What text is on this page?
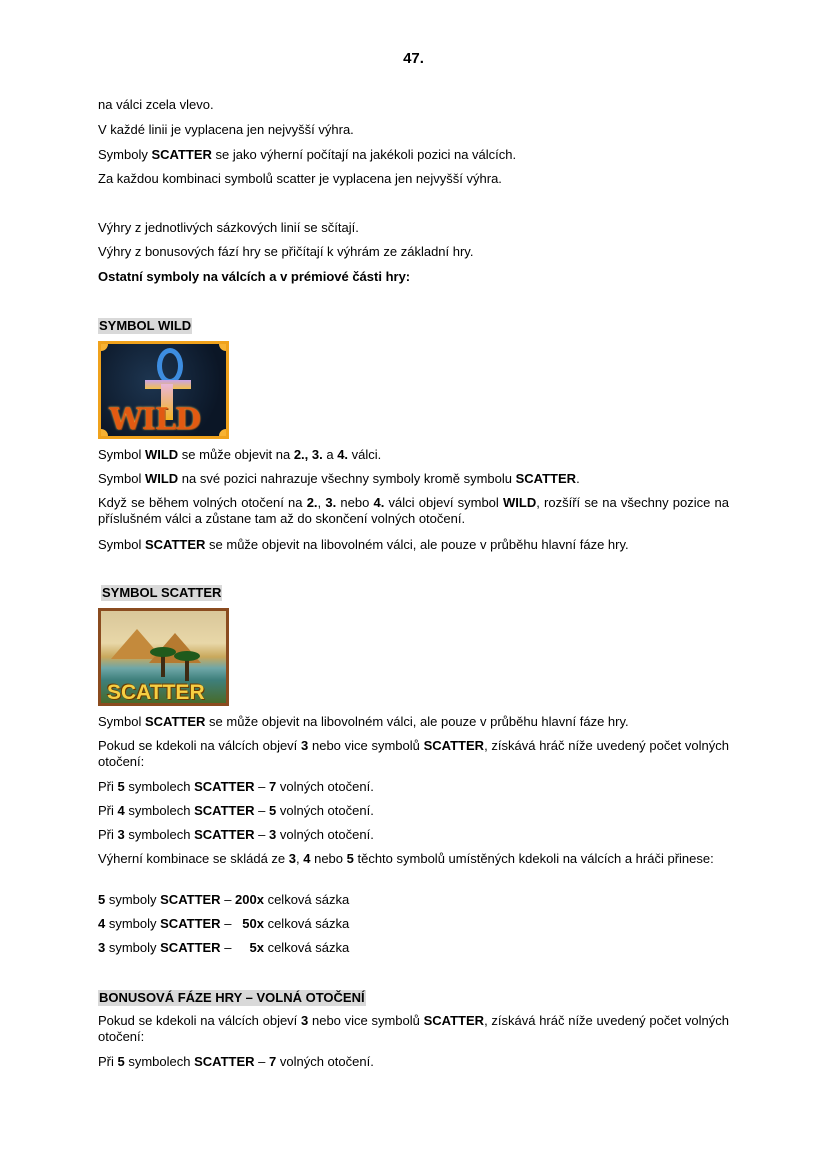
47.
SYMBOL WILD
WILD
SYMBOL SCATTER
SCATTER
BONUSOVÁ FÁZE HRY – VOLNÁ OTOČENÍ
na válci zcela vlevo.
V každé linii je vyplacena jen nejvyšší výhra.
Symboly SCATTER se jako výherní počítají na jakékoli pozici na válcích.
Za každou kombinaci symbolů scatter je vyplacena jen nejvyšší výhra.
Výhry z jednotlivých sázkových linií se sčítají.
Výhry z bonusových fází hry se přičítají k výhrám ze základní hry.
Ostatní symboly na válcích a v prémiové části hry:
Symbol WILD se může objevit na 2., 3. a 4. válci.
Symbol WILD na své pozici nahrazuje všechny symboly kromě symbolu SCATTER.
Když se během volných otočení na 2., 3. nebo 4. válci objeví symbol WILD, rozšíří se na všechny pozice na příslušném válci a zůstane tam až do skončení volných otočení.
Symbol SCATTER se může objevit na libovolném válci, ale pouze v průběhu hlavní fáze hry.
Symbol SCATTER se může objevit na libovolném válci, ale pouze v průběhu hlavní fáze hry.
Pokud se kdekoli na válcích objeví 3 nebo vice symbolů SCATTER, získává hráč níže uvedený počet volných otočení:
Při 5 symbolech SCATTER – 7 volných otočení.
Při 4 symbolech SCATTER – 5 volných otočení.
Při 3 symbolech SCATTER – 3 volných otočení.
Výherní kombinace se skládá ze 3, 4 nebo 5 těchto symbolů umístěných kdekoli na válcích a hráči přinese:
5 symboly SCATTER – 200x celková sázka
4 symboly SCATTER –   50x celková sázka
3 symboly SCATTER –     5x celková sázka
Pokud se kdekoli na válcích objeví 3 nebo vice symbolů SCATTER, získává hráč níže uvedený počet volných otočení:
Při 5 symbolech SCATTER – 7 volných otočení.
